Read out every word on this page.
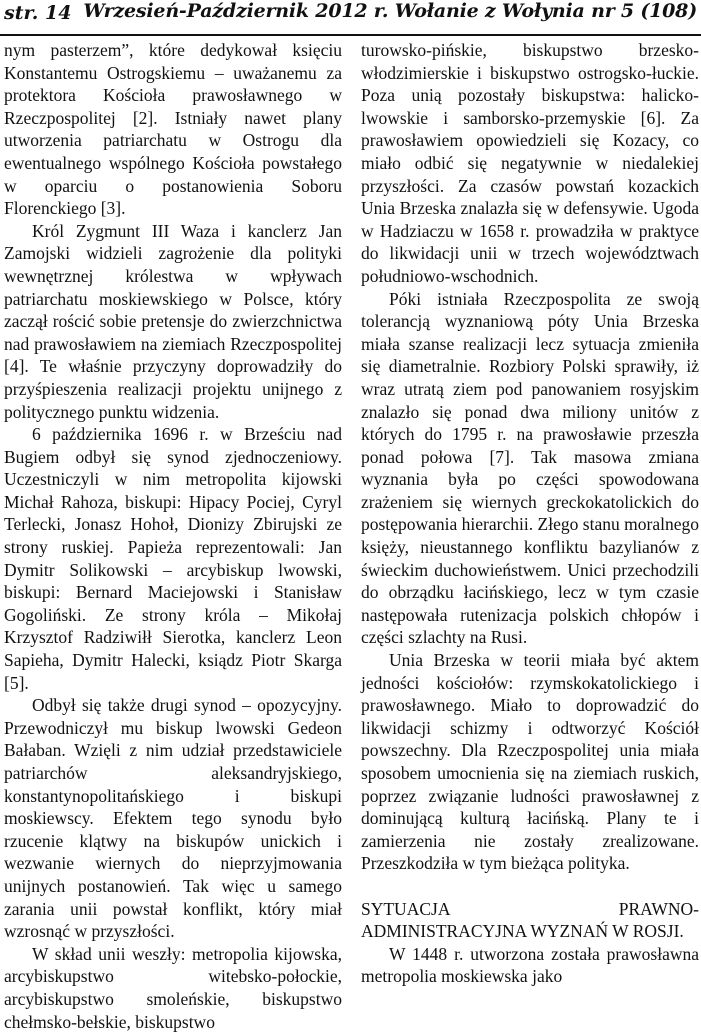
str. 14 Wrzesień-Październik 2012 r. Wołanie z Wołynia nr 5 (108)

nym pasterzem”, które dedykował księciu Konstantemu Ostrogskiemu – uważanemu za protektora Kościoła prawosławnego w Rzeczpospolitej [2]. Istniały nawet plany utworzenia patriarchatu w Ostrogu dla ewentualnego wspólnego Kościoła powstałego w oparciu o postanowienia Soboru Florenckiego [3].

Król Zygmunt III Waza i kanclerz Jan Zamojski widzieli zagrożenie dla polityki wewnętrznej królestwa w wpływach patriarchatu moskiewskiego w Polsce, który zaczął rościć sobie pretensje do zwierzchnictwa nad prawosławiem na ziemiach Rzeczpospolitej [4]. Te właśnie przyczyny doprowadziły do przyśpieszenia realizacji projektu unijnego z politycznego punktu widzenia.

6 października 1696 r. w Brześciu nad Bugiem odbył się synod zjednoczeniowy. Uczestniczyli w nim metropolita kijowski Michał Rahoza, biskupi: Hipacy Pociej, Cyryl Terlecki, Jonasz Hohoł, Dionizy Zbirujski ze strony ruskiej. Papieża reprezentowali: Jan Dymitr Solikowski – arcybiskup lwowski, biskupi: Bernard Maciejowski i Stanisław Gogoliński. Ze strony króla – Mikołaj Krzysztof Radziwiłł Sierotka, kanclerz Leon Sapieha, Dymitr Halecki, ksiądz Piotr Skarga [5].

Odbył się także drugi synod – opozycyjny. Przewodniczył mu biskup lwowski Gedeon Bałaban. Wzięli z nim udział przedstawiciele patriarchów aleksandryjskiego, konstantynopolitańskiego i biskupi moskiewscy. Efektem tego synodu było rzucenie klątwy na biskupów unickich i wezwanie wiernych do nieprzyjmowania unijnych postanowień. Tak więc u samego zarania unii powstał konflikt, który miał wzrosnąć w przyszłości.

W skład unii weszły: metropolia kijowska, arcybiskupstwo witebsko-połockie, arcybiskupstwo smoleńskie, biskupstwo chełmsko-bełskie, biskupstwo

turowsko-pińskie, biskupstwo brzesko-włodzimierskie i biskupstwo ostrogsko-łuckie. Poza unią pozostały biskupstwa: halicko-lwowskie i samborsko-przemyskie [6]. Za prawosławiem opowiedzieli się Kozacy, co miało odbić się negatywnie w niedalekiej przyszłości. Za czasów powstań kozackich Unia Brzeska znalazła się w defensywie. Ugoda w Hadziaczu w 1658 r. prowadziła w praktyce do likwidacji unii w trzech województwach południowo-wschodnich.

Póki istniała Rzeczpospolita ze swoją tolerancją wyznaniową póty Unia Brzeska miała szanse realizacji lecz sytuacja zmieniła się diametralnie. Rozbiory Polski sprawiły, iż wraz utratą ziem pod panowaniem rosyjskim znalazło się ponad dwa miliony unitów z których do 1795 r. na prawosławie przeszła ponad połowa [7]. Tak masowa zmiana wyznania była po części spowodowana zrażeniem się wiernych greckokatolickich do postępowania hierarchii. Złego stanu moralnego księży, nieustannego konfliktu bazylianów z świeckim duchowieństwem. Unici przechodzili do obrządku łacińskiego, lecz w tym czasie następowała rutenizacja polskich chłopów i części szlachty na Rusi.

Unia Brzeska w teorii miała być aktem jedności kościołów: rzymskokatolickiego i prawosławnego. Miało to doprowadzić do likwidacji schizmy i odtworzyć Kościół powszechny. Dla Rzeczpospolitej unia miała sposobem umocnienia się na ziemiach ruskich, poprzez związanie ludności prawosławnej z dominującą kulturą łacińską. Plany te i zamierzenia nie zostały zrealizowane. Przeszkodziła w tym bieżąca polityka.

SYTUACJA PRAWNO-ADMINISTRACYJNA WYZNAŃ W ROSJI.

W 1448 r. utworzona została prawosławna metropolia moskiewska jako
